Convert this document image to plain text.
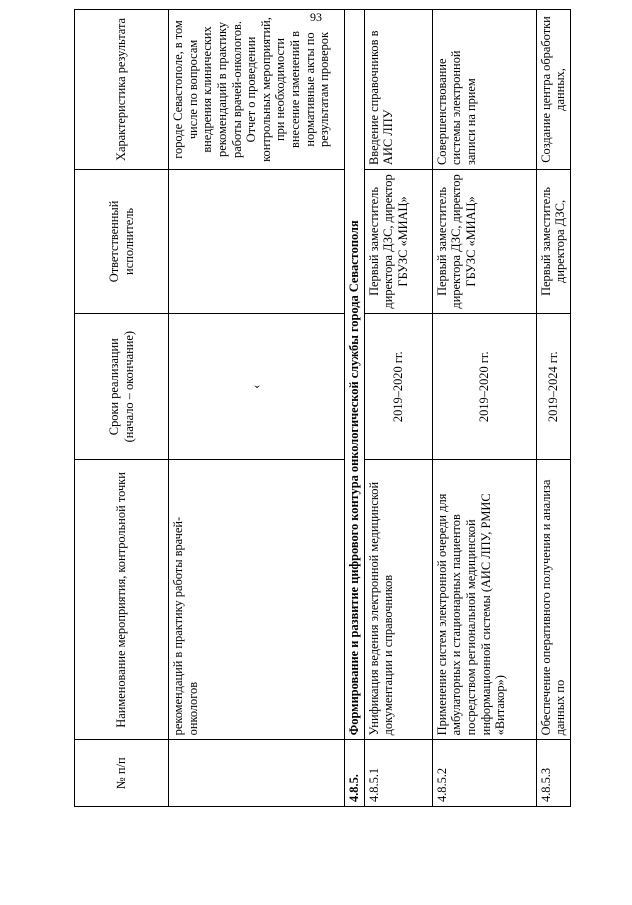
93
№ п/п	Наименование мероприятия, контрольной точки	Сроки реализации (начало – окончание)	Ответственный исполнитель	Характеристика результата
	рекомендаций в практику работы врачей-онкологов	‹		городе Севастополе, в том числе по вопросам внедрения клинических рекомендаций в практику работы врачей-онкологов. Отчет о проведении контрольных мероприятий, при необходимости внесение изменений в нормативные акты по результатам проверок
4.8.5.	Формирование и развитие цифрового контура онкологической службы города Севастополя			
4.8.5.1	Унификация ведения электронной медицинской документации и справочников	2019–2020 гг.	Первый заместитель директора ДЗС, директор ГБУЗС «МИАЦ»	Введение справочников в АИС ЛПУ
4.8.5.2	Применение систем электронной очереди для амбулаторных и стационарных пациентов посредством региональной медицинской информационной системы (АИС ЛПУ, РМИС «Витакор»)	2019–2020 гг.	Первый заместитель директора ДЗС, директор ГБУЗС «МИАЦ»	Совершенствование системы электронной записи на прием
4.8.5.3	Обеспечение оперативного получения и анализа данных по	2019–2024 гг.	Первый заместитель директора ДЗС,	Создание центра обработки данных,
